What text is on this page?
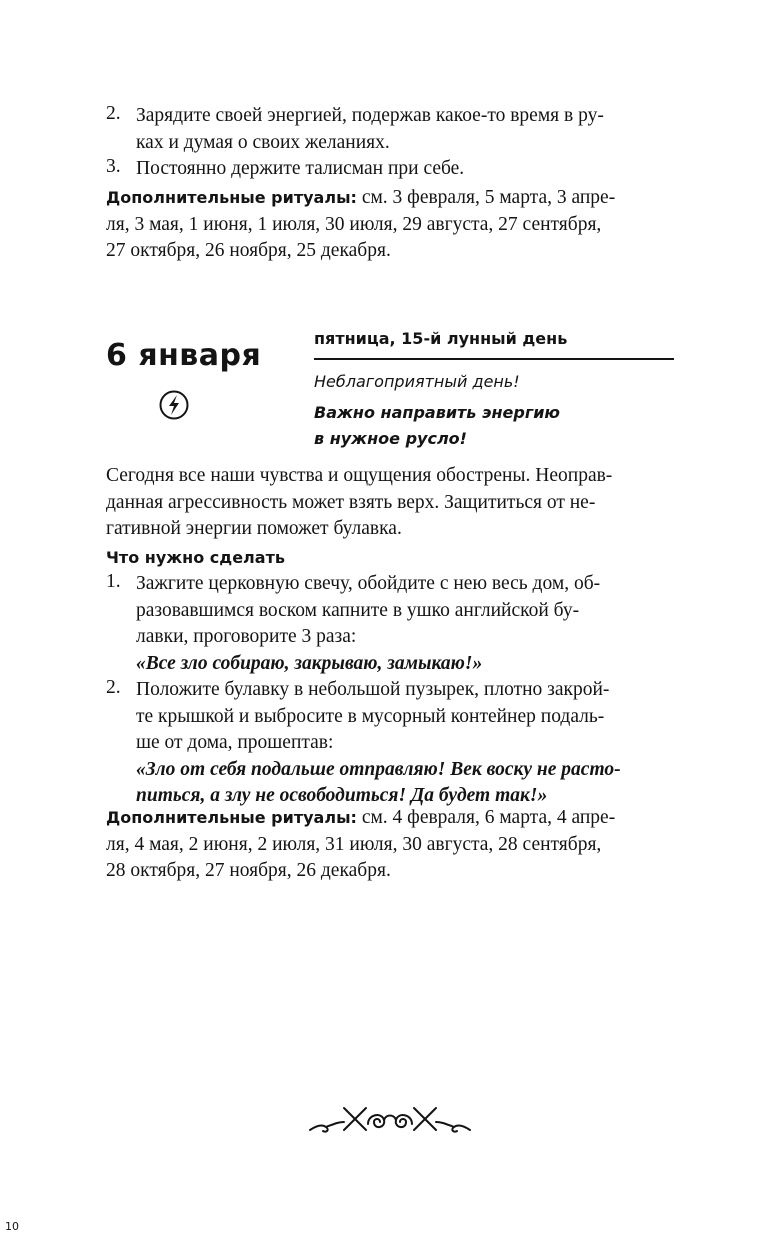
2. Зарядите своей энергией, подержав какое-то время в ру-
ках и думая о своих желаниях.
3. Постоянно держите талисман при себе.
Дополнительные ритуалы: см. 3 февраля, 5 марта, 3 апре-
ля, 3 мая, 1 июня, 1 июля, 30 июля, 29 августа, 27 сентября,
27 октября, 26 ноября, 25 декабря.
6 января	пятница, 15-й лунный день
Неблагоприятный день!
Важно направить энергию
в нужное русло!
Сегодня все наши чувства и ощущения обострены. Неоправ-
данная агрессивность может взять верх. Защититься от не-
гативной энергии поможет булавка.
Что нужно сделать
1. Зажгите церковную свечу, обойдите с нею весь дом, об-
разовавшимся воском капните в ушко английской бу-
лавки, проговорите 3 раза:
«Все зло собираю, закрываю, замыкаю!»
2. Положите булавку в небольшой пузырек, плотно закрой-
те крышкой и выбросите в мусорный контейнер подаль-
ше от дома, прошептав:
«Зло от себя подальше отправляю! Век воску не расто-
питься, а злу не освободиться! Да будет так!»
Дополнительные ритуалы: см. 4 февраля, 6 марта, 4 апре-
ля, 4 мая, 2 июня, 2 июля, 31 июля, 30 августа, 28 сентября,
28 октября, 27 ноября, 26 декабря.
10
